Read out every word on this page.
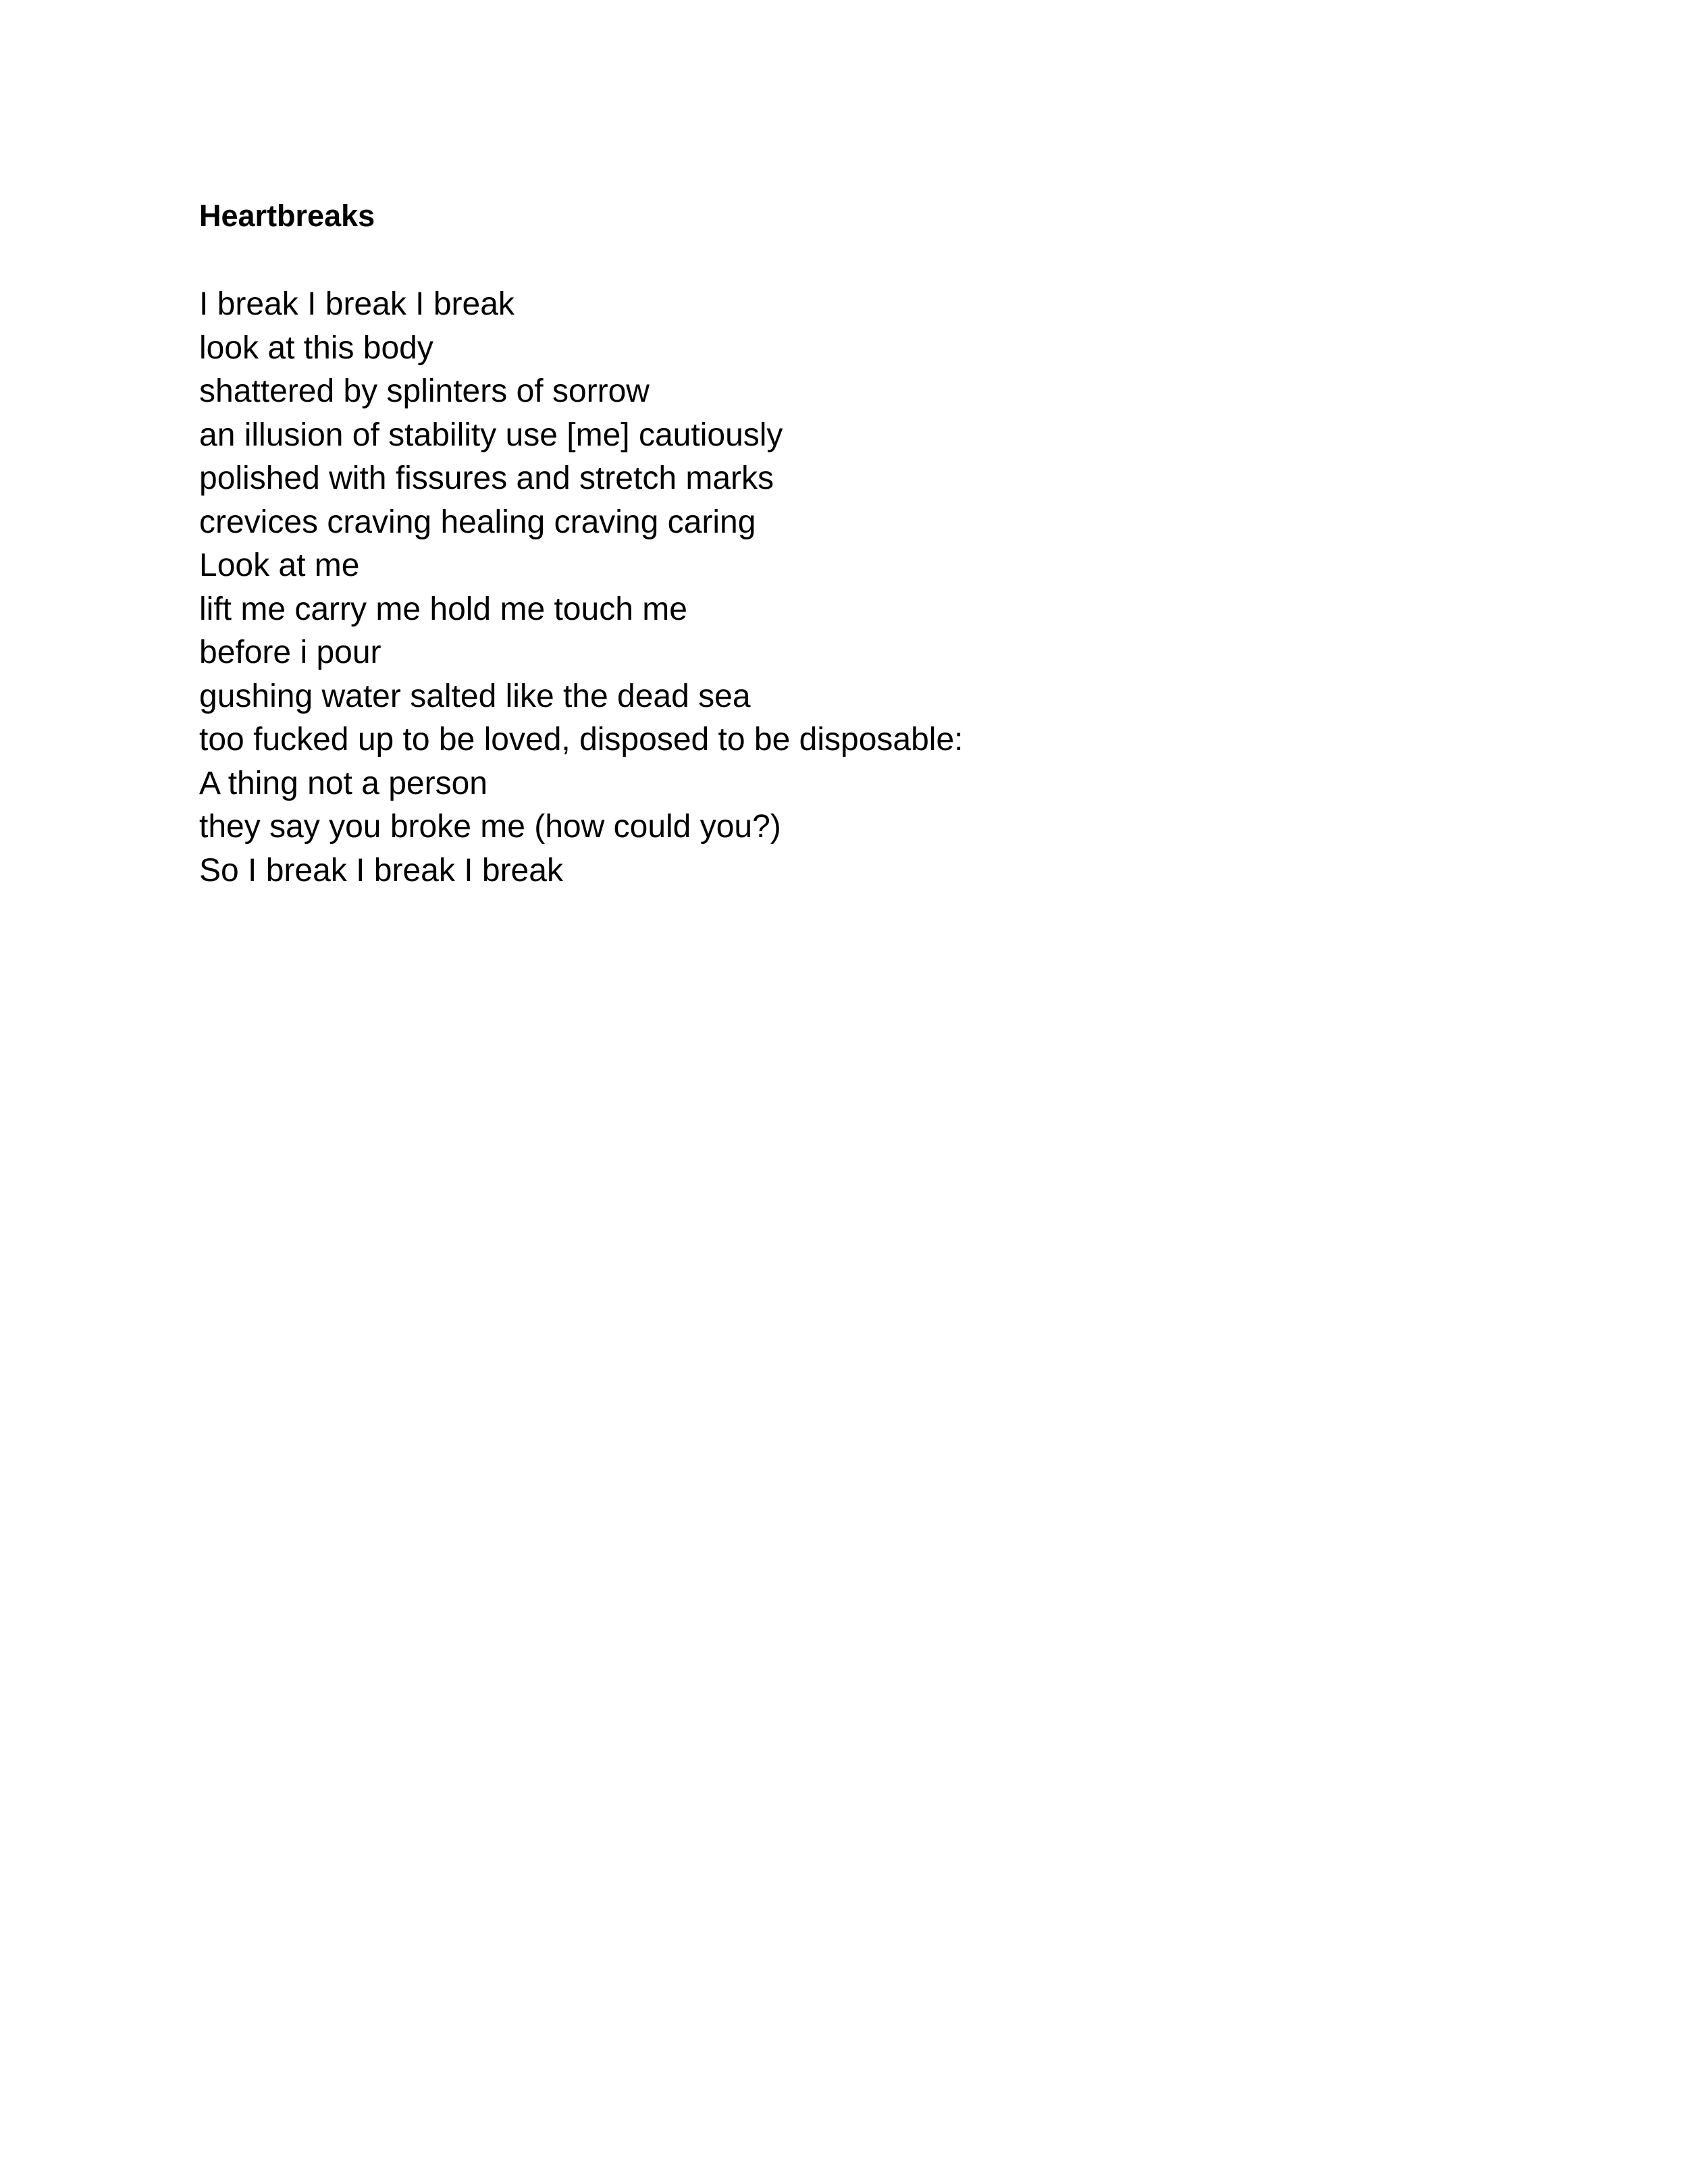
Heartbreaks
I break I break I break
look at this body
shattered by splinters of sorrow
an illusion of stability use [me] cautiously
polished with fissures and stretch marks
crevices craving healing craving caring
Look at me
lift me carry me hold me touch me
before i pour
gushing water salted like the dead sea
too fucked up to be loved, disposed to be disposable:
A thing not a person
they say you broke me (how could you?)
So I break I break I break
